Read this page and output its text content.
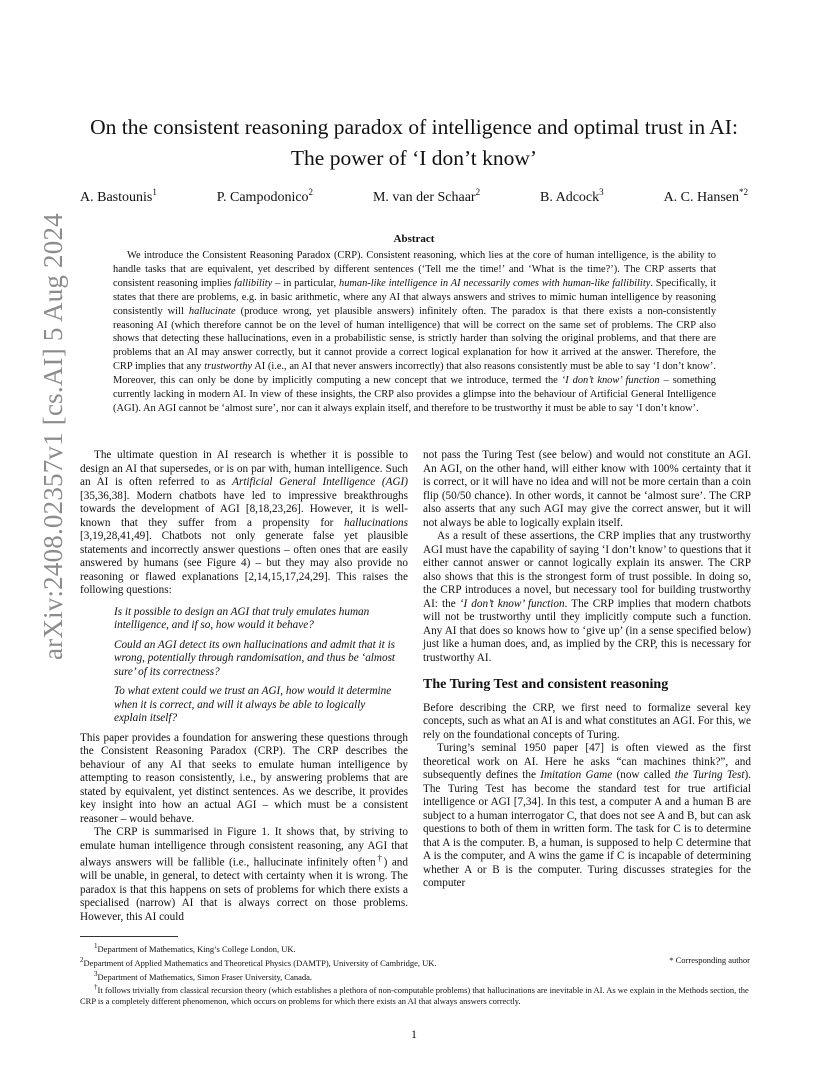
arXiv:2408.02357v1 [cs.AI] 5 Aug 2024
On the consistent reasoning paradox of intelligence and optimal trust in AI:
The power of ‘I don’t know’
A. Bastounis$^1$	P. Campodonico$^2$	M. van der Schaar$^2$	B. Adcock$^3$	A. C. Hansen$^{*2}$
Abstract
We introduce the Consistent Reasoning Paradox (CRP). Consistent reasoning, which lies at the core of human intelligence, is the ability to handle tasks that are equivalent, yet described by different sentences (‘Tell me the time!’ and ‘What is the time?’). The CRP asserts that consistent reasoning implies fallibility – in particular, human-like intelligence in AI necessarily comes with human-like fallibility. Specifically, it states that there are problems, e.g. in basic arithmetic, where any AI that always answers and strives to mimic human intelligence by reasoning consistently will hallucinate (produce wrong, yet plausible answers) infinitely often. The paradox is that there exists a non-consistently reasoning AI (which therefore cannot be on the level of human intelligence) that will be correct on the same set of problems. The CRP also shows that detecting these hallucinations, even in a probabilistic sense, is strictly harder than solving the original problems, and that there are problems that an AI may answer correctly, but it cannot provide a correct logical explanation for how it arrived at the answer. Therefore, the CRP implies that any trustworthy AI (i.e., an AI that never answers incorrectly) that also reasons consistently must be able to say ‘I don’t know’. Moreover, this can only be done by implicitly computing a new concept that we introduce, termed the ‘I don’t know’ function – something currently lacking in modern AI. In view of these insights, the CRP also provides a glimpse into the behaviour of Artificial General Intelligence (AGI). An AGI cannot be ‘almost sure’, nor can it always explain itself, and therefore to be trustworthy it must be able to say ‘I don’t know’.

The ultimate question in AI research is whether it is possible to design an AI that supersedes, or is on par with, human intelligence. Such an AI is often referred to as Artificial General Intelligence (AGI) [35,36,38]. Modern chatbots have led to impressive breakthroughs towards the development of AGI [8,18,23,26]. However, it is well-known that they suffer from a propensity for hallucinations [3,19,28,41,49]. Chatbots not only generate false yet plausible statements and incorrectly answer questions – often ones that are easily answered by humans (see Figure 4) – but they may also provide no reasoning or flawed explanations [2,14,15,17,24,29]. This raises the following questions:

Is it possible to design an AGI that truly emulates human intelligence, and if so, how would it behave?

Could an AGI detect its own hallucinations and admit that it is wrong, potentially through randomisation, and thus be ‘almost sure’ of its correctness?

To what extent could we trust an AGI, how would it determine when it is correct, and will it always be able to logically explain itself?

This paper provides a foundation for answering these questions through the Consistent Reasoning Paradox (CRP). The CRP describes the behaviour of any AI that seeks to emulate human intelligence by attempting to reason consistently, i.e., by answering problems that are stated by equivalent, yet distinct sentences. As we describe, it provides key insight into how an actual AGI – which must be a consistent reasoner – would behave.

The CRP is summarised in Figure 1. It shows that, by striving to emulate human intelligence through consistent reasoning, any AGI that always answers will be fallible (i.e., hallucinate infinitely often†) and will be unable, in general, to detect with certainty when it is wrong. The paradox is that this happens on sets of problems for which there exists a specialised (narrow) AI that is always correct on those problems. However, this AI could

not pass the Turing Test (see below) and would not constitute an AGI. An AGI, on the other hand, will either know with 100% certainty that it is correct, or it will have no idea and will not be more certain than a coin flip (50/50 chance). In other words, it cannot be ‘almost sure’. The CRP also asserts that any such AGI may give the correct answer, but it will not always be able to logically explain itself.

As a result of these assertions, the CRP implies that any trustworthy AGI must have the capability of saying ‘I don’t know’ to questions that it either cannot answer or cannot logically explain its answer. The CRP also shows that this is the strongest form of trust possible. In doing so, the CRP introduces a novel, but necessary tool for building trustworthy AI: the ‘I don’t know’ function. The CRP implies that modern chatbots will not be trustworthy until they implicitly compute such a function. Any AI that does so knows how to ‘give up’ (in a sense specified below) just like a human does, and, as implied by the CRP, this is necessary for trustworthy AI.

The Turing Test and consistent reasoning

Before describing the CRP, we first need to formalize several key concepts, such as what an AI is and what constitutes an AGI. For this, we rely on the foundational concepts of Turing.

Turing’s seminal 1950 paper [47] is often viewed as the first theoretical work on AI. Here he asks “can machines think?”, and subsequently defines the Imitation Game (now called the Turing Test). The Turing Test has become the standard test for true artificial intelligence or AGI [7,34]. In this test, a computer A and a human B are subject to a human interrogator C, that does not see A and B, but can ask questions to both of them in written form. The task for C is to determine that A is the computer. B, a human, is supposed to help C determine that A is the computer, and A wins the game if C is incapable of determining whether A or B is the computer. Turing discusses strategies for the computer

$^1$Department of Mathematics, King’s College London, UK.

$^2$Department of Applied Mathematics and Theoretical Physics (DAMTP), University of Cambridge, UK.	* Corresponding author

$^3$Department of Mathematics, Simon Fraser University, Canada.

†It follows trivially from classical recursion theory (which establishes a plethora of non-computable problems) that hallucinations are inevitable in AI. As we explain in the Methods section, the CRP is a completely different phenomenon, which occurs on problems for which there exists an AI that always answers correctly.

1
